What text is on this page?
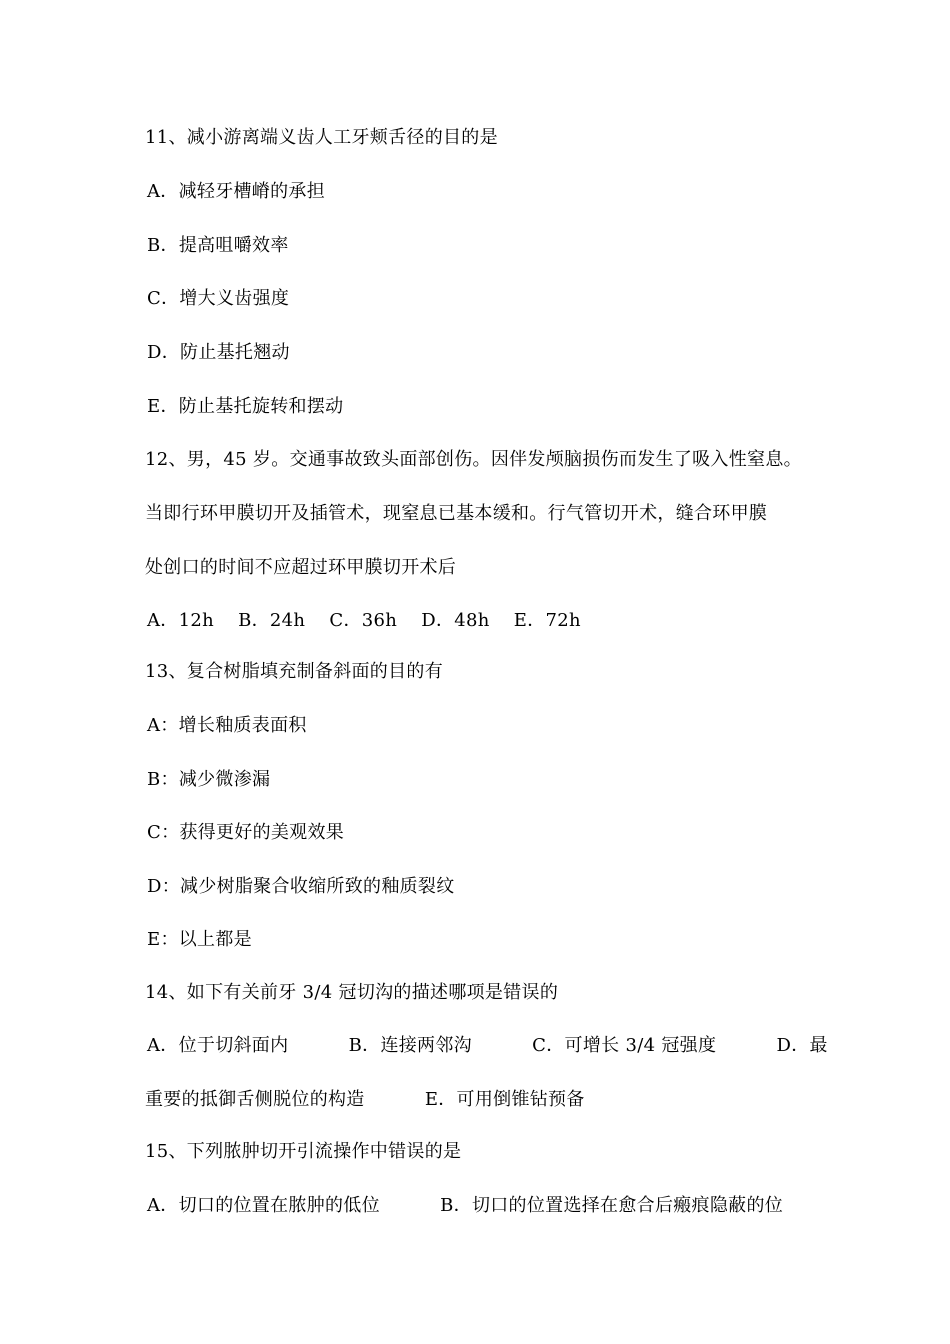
11、减小游离端义齿人工牙颊舌径的目的是
A．减轻牙槽嵴的承担
B．提高咀嚼效率
C．增大义齿强度
D．防止基托翘动
E．防止基托旋转和摆动
12、男，45 岁。交通事故致头面部创伤。因伴发颅脑损伤而发生了吸入性窒息。
当即行环甲膜切开及插管术，现窒息已基本缓和。行气管切开术，缝合环甲膜
处创口的时间不应超过环甲膜切开术后
A．12h    B．24h    C．36h    D．48h    E．72h
13、复合树脂填充制备斜面的目的有
A：增长釉质表面积
B：减少微渗漏
C：获得更好的美观效果
D：减少树脂聚合收缩所致的釉质裂纹
E：以上都是
14、如下有关前牙 3/4 冠切沟的描述哪项是错误的
A．位于切斜面内          B．连接两邻沟          C．可增长 3/4 冠强度          D．最
重要的抵御舌侧脱位的构造          E．可用倒锥钻预备
15、下列脓肿切开引流操作中错误的是
A．切口的位置在脓肿的低位          B．切口的位置选择在愈合后瘢痕隐蔽的位
